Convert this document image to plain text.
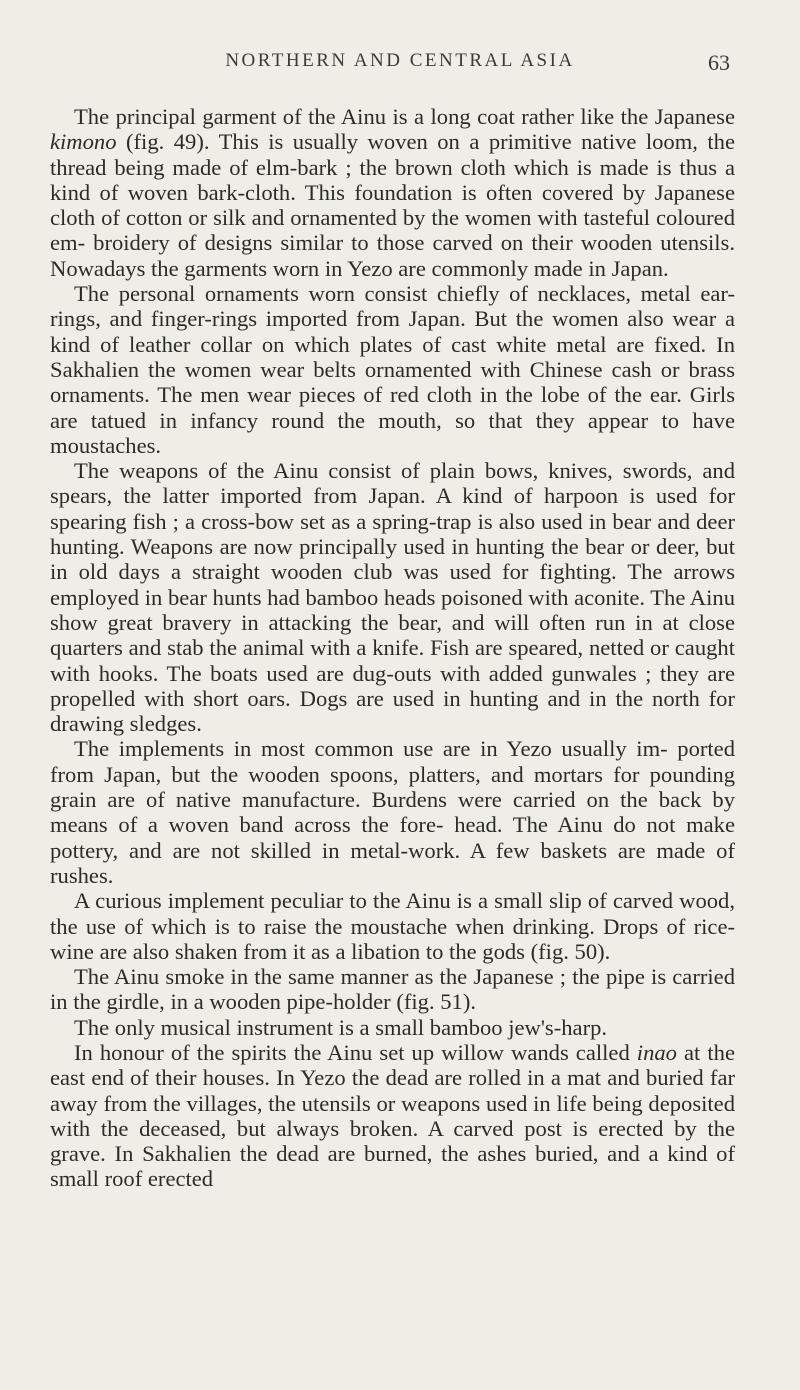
NORTHERN AND CENTRAL ASIA	63

The principal garment of the Ainu is a long coat rather like the Japanese kimono (fig. 49). This is usually woven on a primitive native loom, the thread being made of elm-bark ; the brown cloth which is made is thus a kind of woven bark-cloth. This foundation is often covered by Japanese cloth of cotton or silk and ornamented by the women with tasteful coloured em- broidery of designs similar to those carved on their wooden utensils. Nowadays the garments worn in Yezo are commonly made in Japan.

The personal ornaments worn consist chiefly of necklaces, metal ear-rings, and finger-rings imported from Japan. But the women also wear a kind of leather collar on which plates of cast white metal are fixed. In Sakhalien the women wear belts ornamented with Chinese cash or brass ornaments. The men wear pieces of red cloth in the lobe of the ear. Girls are tatued in infancy round the mouth, so that they appear to have moustaches.

The weapons of the Ainu consist of plain bows, knives, swords, and spears, the latter imported from Japan. A kind of harpoon is used for spearing fish ; a cross-bow set as a spring-trap is also used in bear and deer hunting. Weapons are now principally used in hunting the bear or deer, but in old days a straight wooden club was used for fighting. The arrows employed in bear hunts had bamboo heads poisoned with aconite. The Ainu show great bravery in attacking the bear, and will often run in at close quarters and stab the animal with a knife. Fish are speared, netted or caught with hooks. The boats used are dug-outs with added gunwales ; they are propelled with short oars. Dogs are used in hunting and in the north for drawing sledges.

The implements in most common use are in Yezo usually im- ported from Japan, but the wooden spoons, platters, and mortars for pounding grain are of native manufacture. Burdens were carried on the back by means of a woven band across the fore- head. The Ainu do not make pottery, and are not skilled in metal-work. A few baskets are made of rushes.

A curious implement peculiar to the Ainu is a small slip of carved wood, the use of which is to raise the moustache when drinking. Drops of rice-wine are also shaken from it as a libation to the gods (fig. 50).

The Ainu smoke in the same manner as the Japanese ; the pipe is carried in the girdle, in a wooden pipe-holder (fig. 51).

The only musical instrument is a small bamboo jew's-harp.

In honour of the spirits the Ainu set up willow wands called inao at the east end of their houses. In Yezo the dead are rolled in a mat and buried far away from the villages, the utensils or weapons used in life being deposited with the deceased, but always broken. A carved post is erected by the grave. In Sakhalien the dead are burned, the ashes buried, and a kind of small roof erected
